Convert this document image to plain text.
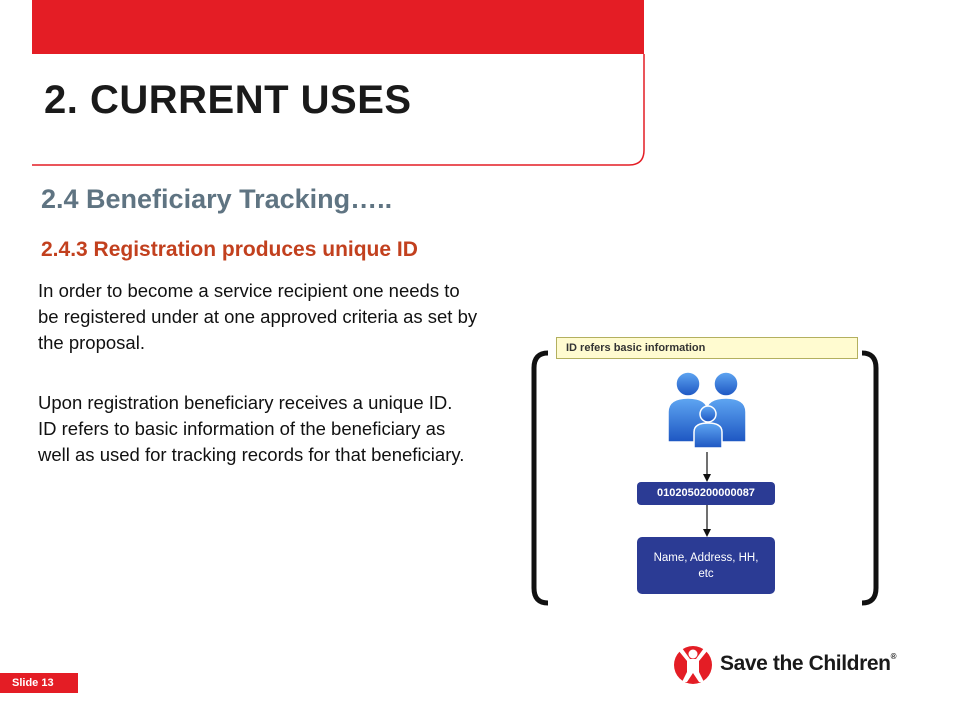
2. CURRENT USES
2.4 Beneficiary Tracking…..
2.4.3 Registration produces unique ID

In order to become a service recipient one needs to be registered under at one approved criteria as set by the proposal.

Upon registration beneficiary receives a unique ID. ID refers to basic information of the beneficiary as well as used for tracking records for that beneficiary.

ID refers basic information
0102050200000087
Name, Address, HH, etc
Slide 13
Save the Children®
